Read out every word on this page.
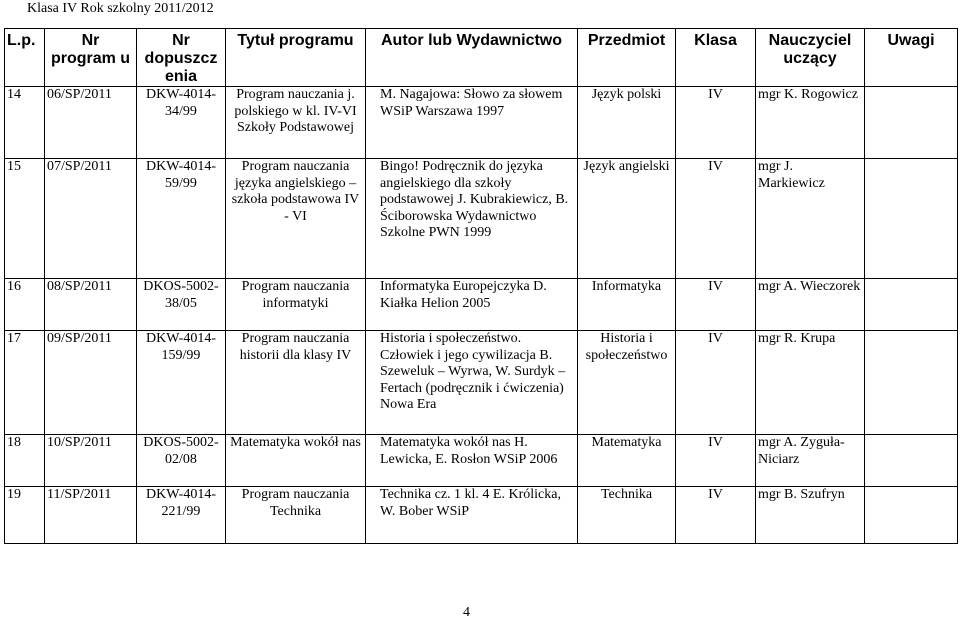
Klasa IV Rok szkolny 2011/2012
L.p.	Nr program u	Nr dopuszcz enia	Tytuł programu	Autor lub Wydawnictwo	Przedmiot	Klasa	Nauczyciel uczący	Uwagi
14	06/SP/2011	DKW-4014-34/99	Program nauczania j. polskiego w kl. IV-VI Szkoły Podstawowej	M. Nagajowa: Słowo za słowem WSiP Warszawa 1997	Język polski	IV	mgr K. Rogowicz	
15	07/SP/2011	DKW-4014-59/99	Program nauczania języka angielskiego – szkoła podstawowa IV - VI	Bingo! Podręcznik do języka angielskiego dla szkoły podstawowej J. Kubrakiewicz, B. Ściborowska Wydawnictwo Szkolne PWN 1999	Język angielski	IV	mgr J. Markiewicz	
16	08/SP/2011	DKOS-5002-38/05	Program nauczania informatyki	Informatyka Europejczyka D. Kiałka Helion 2005	Informatyka	IV	mgr A. Wieczorek	
17	09/SP/2011	DKW-4014-159/99	Program nauczania historii dla klasy IV	Historia i społeczeństwo. Człowiek i jego cywilizacja B. Szeweluk – Wyrwa, W. Surdyk – Fertach (podręcznik i ćwiczenia) Nowa Era	Historia i społeczeństwo	IV	mgr R. Krupa	
18	10/SP/2011	DKOS-5002-02/08	Matematyka wokół nas	Matematyka wokół nas H. Lewicka, E. Rosłon WSiP 2006	Matematyka	IV	mgr A. Zyguła-Niciarz	
19	11/SP/2011	DKW-4014-221/99	Program nauczania Technika	Technika cz. 1 kl. 4 E. Królicka, W. Bober WSiP	Technika	IV	mgr B. Szufryn	
4
